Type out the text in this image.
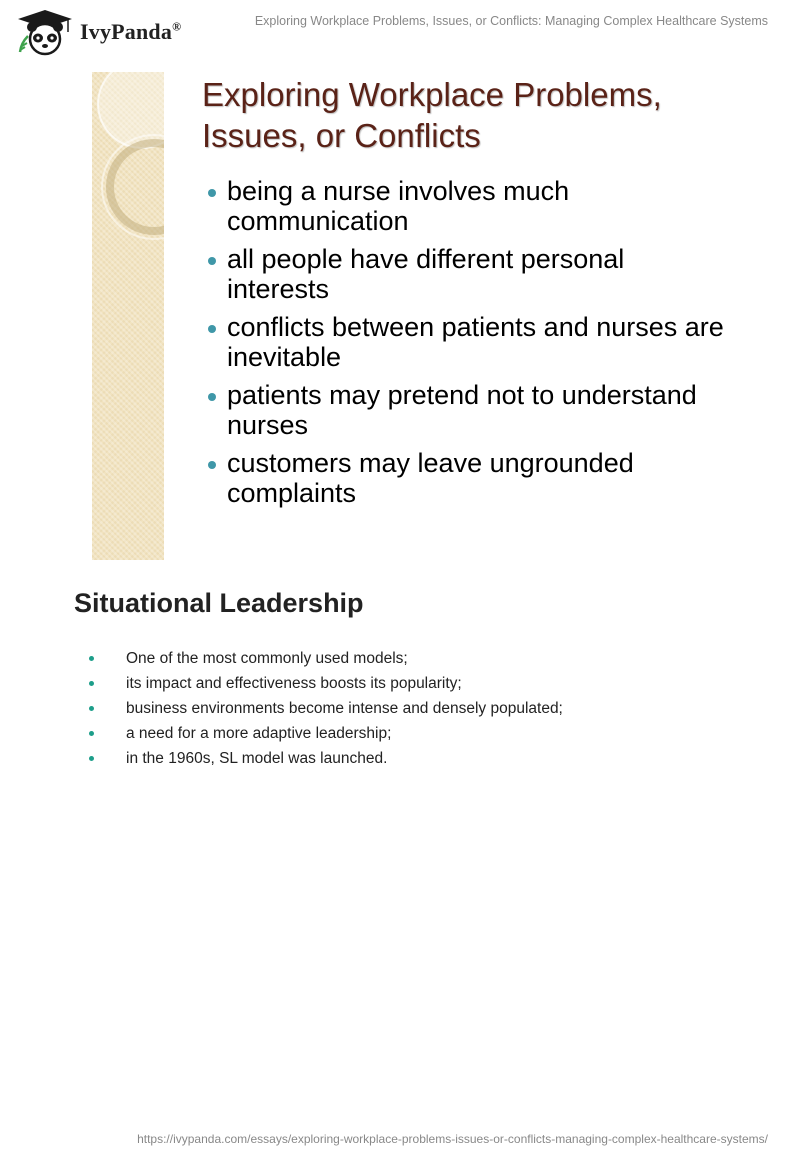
IvyPanda®	Exploring Workplace Problems, Issues, or Conflicts: Managing Complex Healthcare Systems
Exploring Workplace Problems, Issues, or Conflicts
being a nurse involves much communication
all people have different personal interests
conflicts between patients and nurses are inevitable
patients may pretend not to understand nurses
customers may leave ungrounded complaints
Situational Leadership
One of the most commonly used models;
its impact and effectiveness boosts its popularity;
business environments become intense and densely populated;
a need for a more adaptive leadership;
in the 1960s, SL model was launched.
https://ivypanda.com/essays/exploring-workplace-problems-issues-or-conflicts-managing-complex-healthcare-systems/
